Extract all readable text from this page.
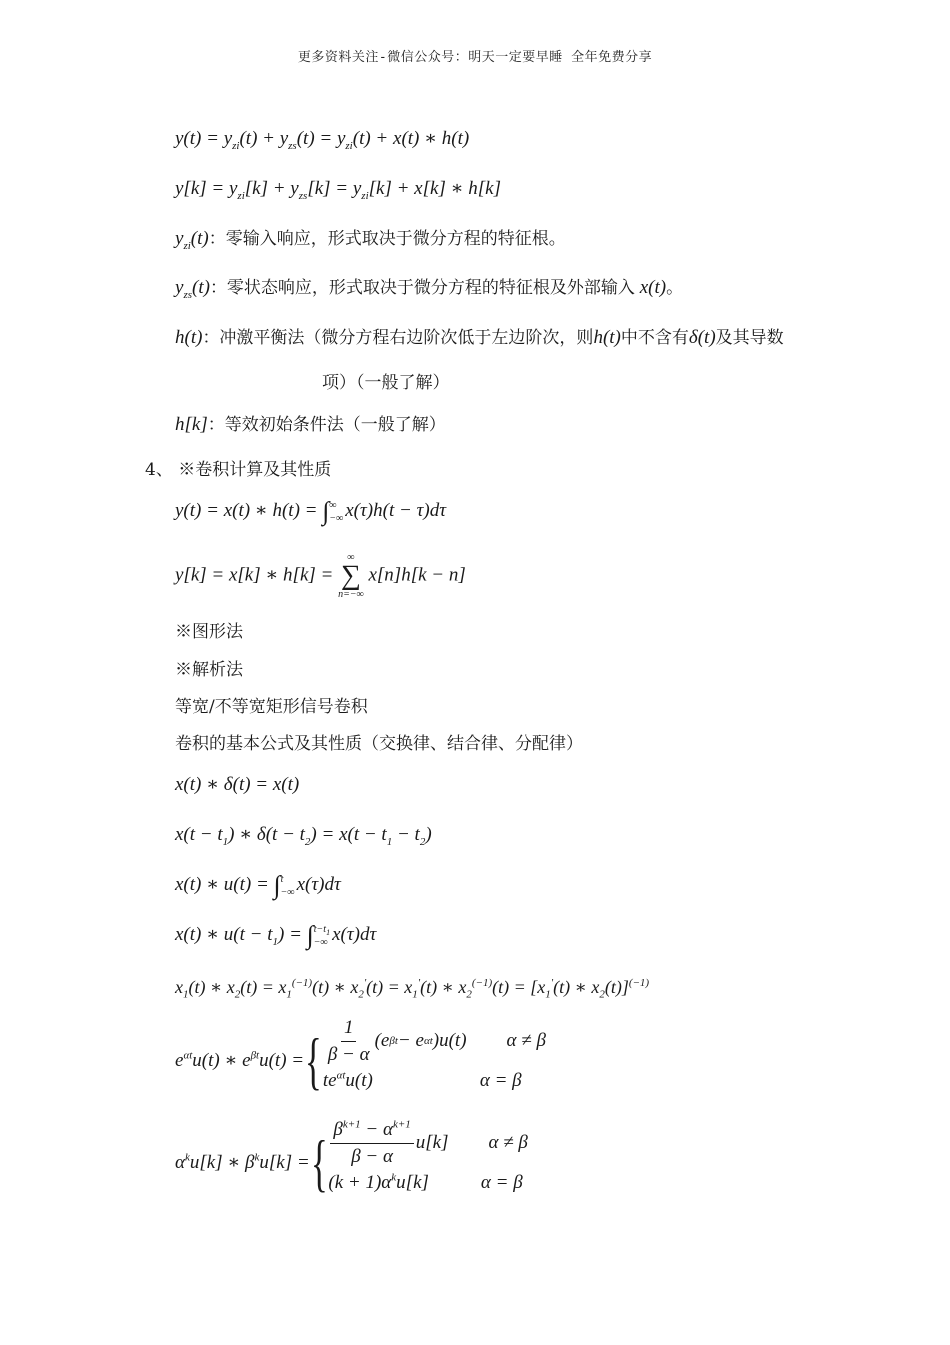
更多资料关注-微信公众号：明天一定要早睡 全年免费分享
$y(t) = y_{zi}(t) + y_{zs}(t) = y_{zi}(t) + x(t)$ ∗ h(t)
$y[k] = y_{zi}[k] + y_{zs}[k] = y_{zi}[k] + x[k]$ ∗ h[k]
$y_{zi}(t)$：零输入响应，形式取决于微分方程的特征根。
$y_{zs}(t)$：零状态响应，形式取决于微分方程的特征根及外部输入 x(t)。
h(t)：冲激平衡法（微分方程右边阶次低于左边阶次，则h(t)中不含有δ(t)及其导数
项）（一般了解）
h[k]：等效初始条件法（一般了解）
4、 ※卷积计算及其性质
y(t) = x(t) ∗ h(t) = ∫ ∞
−∞ x(τ)h(t − τ)dτ
y[k] = x[k] ∗ h[k] =
∞
∑
n=−∞
x[n]h[k − n]
※图形法
※解析法
等宽/不等宽矩形信号卷积
卷积的基本公式及其性质（交换律、结合律、分配律）
x(t) ∗ δ(t) = x(t)
$x(t - t_1)$ ∗ $\delta(t - t_2) = x(t - t_1 - t_2)$
x(t) ∗ u(t) = ∫ t
−∞ x(τ)dτ
x(t) ∗ $u(t - t_1)$ = ∫ $t-t_1$
−∞ x(τ)dτ
$x_1(t)$ ∗ $x_2(t) = x_1^{(-1)}(t)$ ∗ $x_2'(t) = x_1'(t)$ ∗ $x_2^{(-1)}(t) = [x_1'(t)$ ∗ $x_2(t)]^{(-1)}$
$e^{\alpha t}u(t)$ ∗ $e^{\beta t}u(t)$ = { $\frac{1}{\beta - \alpha} (e$ βt − e αt )u(t) α ≠ β
$te^{\alpha t}u(t)$	α = β
$\alpha^ku[k]$ ∗ $\beta^ku[k]$ = { $\frac{\beta^{k+1} - \alpha^{k+1}}{\beta - \alpha} u[k] \alpha \ne \beta$
$(k + 1)\alpha^ku[k]$	α = β
